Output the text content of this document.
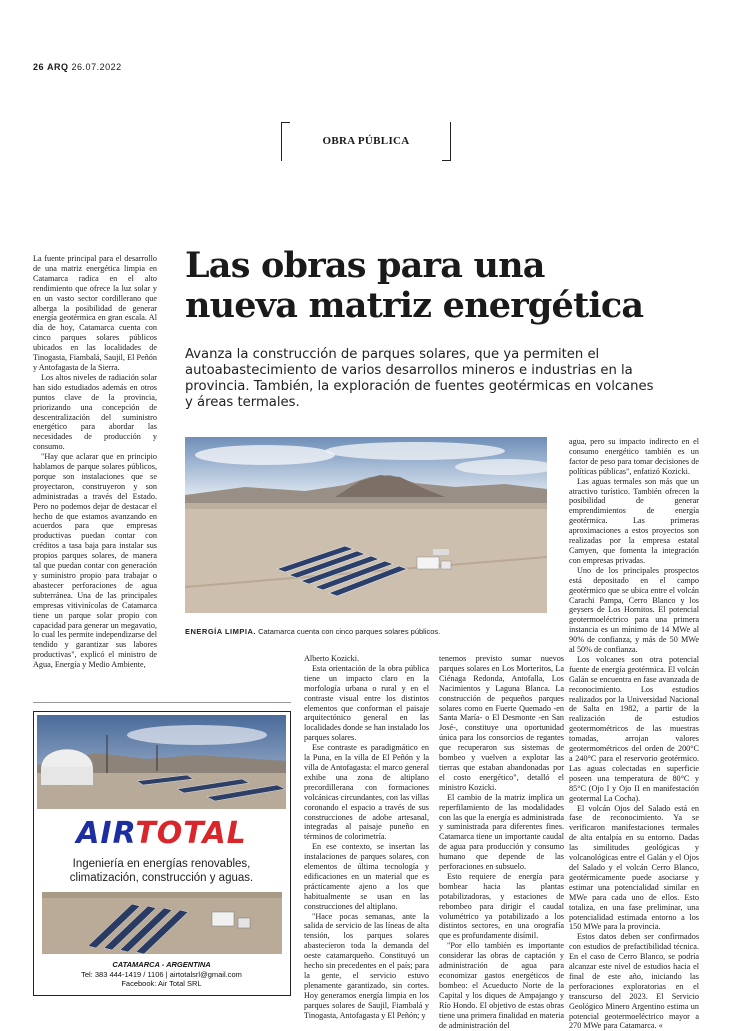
26 ARQ 26.07.2022
OBRA PÚBLICA
Las obras para una
nueva matriz energética
Avanza la construcción de parques solares, que ya permiten el autoabastecimiento de varios desarrollos mineros e industrias en la provincia. También, la exploración de fuentes geotérmicas en volcanes y áreas termales.

La fuente principal para el desarrollo de una matriz energética limpia en Catamarca radica en el alto rendimiento que ofrece la luz solar y en un vasto sector cordillerano que alberga la posibilidad de generar energía geotérmica en gran escala. Al día de hoy, Catamarca cuenta con cinco parques solares públicos ubicados en las localidades de Tinogasta, Fiambalá, Saujil, El Peñón y Antofagasta de la Sierra.

Los altos niveles de radiación solar han sido estudiados además en otros puntos clave de la provincia, priorizando una concepción de descentralización del suministro energético para abordar las necesidades de producción y consumo.

"Hay que aclarar que en principio hablamos de parque solares públicos, porque son instalaciones que se proyectaron, construyeron y son administradas a través del Estado. Pero no podemos dejar de destacar el hecho de que estamos avanzando en acuerdos para que empresas productivas puedan contar con créditos a tasa baja para instalar sus propios parques solares, de manera tal que puedan contar con generación y suministro propio para trabajar o abastecer perforaciones de agua subterránea. Una de las principales empresas vitivinícolas de Catamarca tiene un parque solar propio con capacidad para generar un megavatio, lo cual les permite independizarse del tendido y garantizar sus labores productivas", explicó el ministro de Agua, Energía y Medio Ambiente,

ENERGÍA LIMPIA. Catamarca cuenta con cinco parques solares públicos.

agua, pero su impacto indirecto en el consumo energético también es un factor de peso para tomar decisiones de políticas públicas", enfatizó Kozicki.

Las aguas termales son más que un atractivo turístico. También ofrecen la posibilidad de generar emprendimientos de energía geotérmica. Las primeras aproximaciones a estos proyectos son realizadas por la empresa estatal Camyen, que fomenta la integración con empresas privadas.

Uno de los principales prospectos está depositado en el campo geotérmico que se ubica entre el volcán Carachi Pampa, Cerro Blanco y los geysers de Los Hornitos. El potencial geotermoeléctrico para una primera instancia es un mínimo de 14 MWe al 90% de confianza, y más de 50 MWe al 50% de confianza.

Los volcanes son otra potencial fuente de energía geotérmica. El volcán Galán se encuentra en fase avanzada de reconocimiento. Los estudios realizados por la Universidad Nacional de Salta en 1982, a partir de la realización de estudios geotermométricos de las muestras tomadas, arrojan valores geotermométricos del orden de 200°C a 240°C para el reservorio geotérmico. Las aguas colectadas en superficie poseen una temperatura de 80°C y 85°C (Ojo I y Ojo II en manifestación geotermal La Cocha).

El volcán Ojos del Salado está en fase de reconocimiento. Ya se verificaron manifestaciones termales de alta entalpía en su entorno. Dadas las similitudes geológicas y volcanológicas entre el Galán y el Ojos del Salado y el volcán Cerro Blanco, geotérmicamente puede asociarse y estimar una potencialidad similar en MWe para cada uno de ellos. Esto totaliza, en una fase preliminar, una potencialidad estimada entorno a los 150 MWe para la provincia.

Estos datos deben ser confirmados con estudios de prefactibilidad técnica. En el caso de Cerro Blanco, se podría alcanzar este nivel de estudios hacia el final de este año, iniciando las perforaciones exploratorias en el transcurso del 2023. El Servicio Geológico Minero Argentino estima un potencial geotermoeléctrico mayor a 270 MWe para Catamarca. «

Alberto Kozicki.

Esta orientación de la obra pública tiene un impacto claro en la morfología urbana o rural y en el contraste visual entre los distintos elementos que conforman el paisaje arquitectónico general en las localidades donde se han instalado los parques solares.

Ese contraste es paradigmático en la Puna, en la villa de El Peñón y la villa de Antofagasta: el marco general exhibe una zona de altiplano precordillerana con formaciones volcánicas circundantes, con las villas coronando el espacio a través de sus construcciones de adobe artesanal, integradas al paisaje puneño en términos de colorimetría.

En ese contexto, se insertan las instalaciones de parques solares, con elementos de última tecnología y edificaciones en un material que es prácticamente ajeno a los que habitualmente se usan en las construcciones del altiplano.

"Hace pocas semanas, ante la salida de servicio de las líneas de alta tensión, los parques solares abastecieron toda la demanda del oeste catamarqueño. Constituyó un hecho sin precedentes en el país; para la gente, el servicio estuvo plenamente garantizado, sin cortes. Hoy generamos energía limpia en los parques solares de Saujil, Fiambalá y Tinogasta, Antofagasta y El Peñón; y

tenemos previsto sumar nuevos parques solares en Los Morteritos, La Ciénaga Redonda, Antofalla, Los Nacimientos y Laguna Blanca. La construcción de pequeños parques solares como en Fuerte Quemado -en Santa María- o El Desmonte -en San José-, constituye una oportunidad única para los consorcios de regantes que recuperaron sus sistemas de bombeo y vuelven a explotar las tierras que estaban abandonadas por el costo energético", detalló el ministro Kozicki.

El cambio de la matriz implica un reperfilamiento de las modalidades con las que la energía es administrada y suministrada para diferentes fines. Catamarca tiene un importante caudal de agua para producción y consumo humano que depende de las perforaciones en subsuelo.

Esto requiere de energía para bombear hacia las plantas potabilizadoras, y estaciones de rebombeo para dirigir el caudal volumétrico ya potabilizado a los distintos sectores, en una orografía que es profundamente disímil.

"Por ello también es importante considerar las obras de captación y administración de agua para economizar gastos energéticos de bombeo: el Acueducto Norte de la Capital y los diques de Ampajango y Río Hondo. El objetivo de estas obras tiene una primera finalidad en materia de administración del

AIRTOTAL
Ingeniería en energías renovables,
climatización, construcción y aguas.
CATAMARCA - ARGENTINA
Tel: 383 444-1419 / 1106 | airtotalsrl@gmail.com
Facebook: Air Total SRL
